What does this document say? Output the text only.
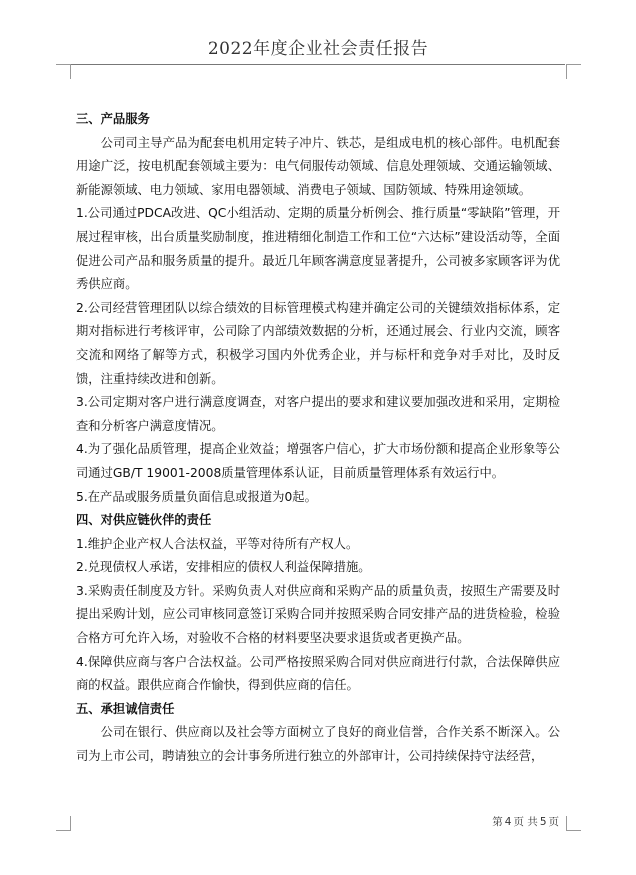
2022年度企业社会责任报告
三、产品服务

公司司主导产品为配套电机用定转子冲片、铁芯，是组成电机的核心部件。电机配套用途广泛，按电机配套领域主要为：电气伺服传动领域、信息处理领域、交通运输领域、新能源领域、电力领域、家用电器领域、消费电子领域、国防领域、特殊用途领域。

1.公司通过PDCA改进、QC小组活动、定期的质量分析例会、推行质量“零缺陷”管理，开展过程审核，出台质量奖励制度，推进精细化制造工作和工位“六达标”建设活动等，全面促进公司产品和服务质量的提升。最近几年顾客满意度显著提升，公司被多家顾客评为优秀供应商。

2.公司经营管理团队以综合绩效的目标管理模式构建并确定公司的关键绩效指标体系，定期对指标进行考核评审，公司除了内部绩效数据的分析，还通过展会、行业内交流，顾客交流和网络了解等方式，积极学习国内外优秀企业，并与标杆和竞争对手对比，及时反馈，注重持续改进和创新。

3.公司定期对客户进行满意度调查，对客户提出的要求和建议要加强改进和采用，定期检查和分析客户满意度情况。

4.为了强化品质管理，提高企业效益；增强客户信心，扩大市场份额和提高企业形象等公司通过GB/T 19001-2008质量管理体系认证，目前质量管理体系有效运行中。

5.在产品或服务质量负面信息或报道为0起。

四、对供应链伙伴的责任

1.维护企业产权人合法权益，平等对待所有产权人。

2.兑现债权人承诺，安排相应的债权人利益保障措施。

3.采购责任制度及方针。采购负责人对供应商和采购产品的质量负责，按照生产需要及时提出采购计划，应公司审核同意签订采购合同并按照采购合同安排产品的进货检验，检验合格方可允许入场，对验收不合格的材料要坚决要求退货或者更换产品。

4.保障供应商与客户合法权益。公司严格按照采购合同对供应商进行付款，合法保障供应商的权益。跟供应商合作愉快，得到供应商的信任。

五、承担诚信责任

公司在银行、供应商以及社会等方面树立了良好的商业信誉，合作关系不断深入。公司为上市公司，聘请独立的会计事务所进行独立的外部审计，公司持续保持守法经营，

第 4 页 共 5 页
